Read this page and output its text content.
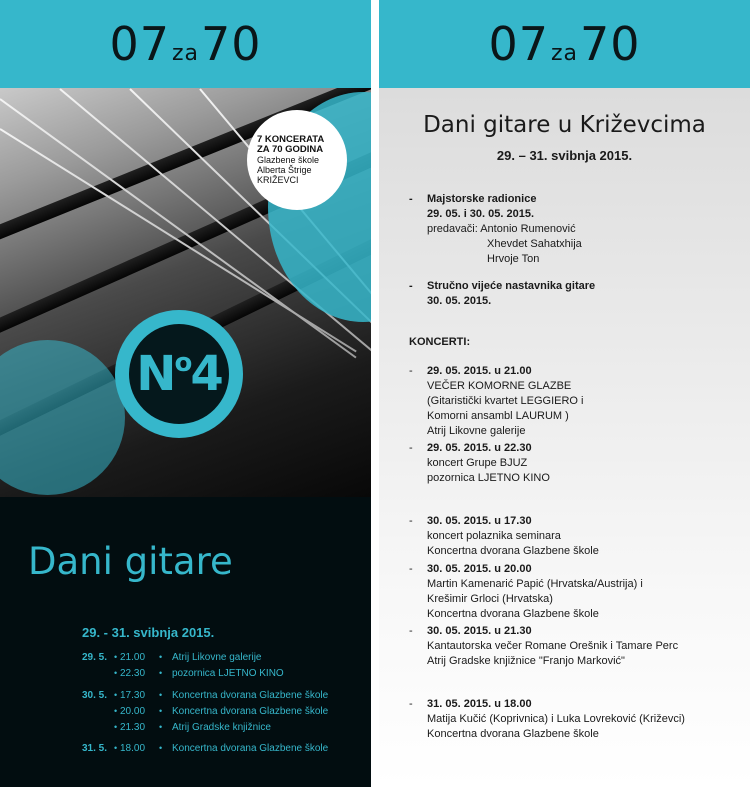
07 za 70
7 KONCERATA
ZA 70 GODINA
Glazbene škole
Alberta Štrige
KRIŽEVCI
$N^o4$
Dani gitare
29. - 31. svibnja 2015.
29. 5. • 21.00 • Atrij Likovne galerije
• 22.30 • pozornica LJETNO KINO
30. 5. • 17.30 • Koncertna dvorana Glazbene škole
• 20.00 • Koncertna dvorana Glazbene škole
• 21.30 • Atrij Gradske knjižnice
31. 5. • 18.00 • Koncertna dvorana Glazbene škole
07 za 70
Dani gitare u Križevcima
29. – 31. svibnja 2015.
-	Majstorske radionice
29. 05. i 30. 05. 2015.
predavači: Antonio Rumenović
Xhevdet Sahatxhija
Hrvoje Ton
-	Stručno vijeće nastavnika gitare
30. 05. 2015.
KONCERTI:
-	29. 05. 2015. u 21.00
VEČER KOMORNE GLAZBE
(Gitaristički kvartet LEGGIERO i
Komorni ansambl LAURUM )
Atrij Likovne galerije
-	29. 05. 2015. u 22.30
koncert Grupe BJUZ
pozornica LJETNO KINO
-	30. 05. 2015. u 17.30
koncert polaznika seminara
Koncertna dvorana Glazbene škole
-	30. 05. 2015. u 20.00
Martin Kamenarić Papić (Hrvatska/Austrija) i
Krešimir Grloci (Hrvatska)
Koncertna dvorana Glazbene škole
-	30. 05. 2015. u 21.30
Kantautorska večer Romane Orešnik i Tamare Perc
Atrij Gradske knjižnice "Franjo Marković"
-	31. 05. 2015. u 18.00
Matija Kučić (Koprivnica) i Luka Lovreković (Križevci)
Koncertna dvorana Glazbene škole
